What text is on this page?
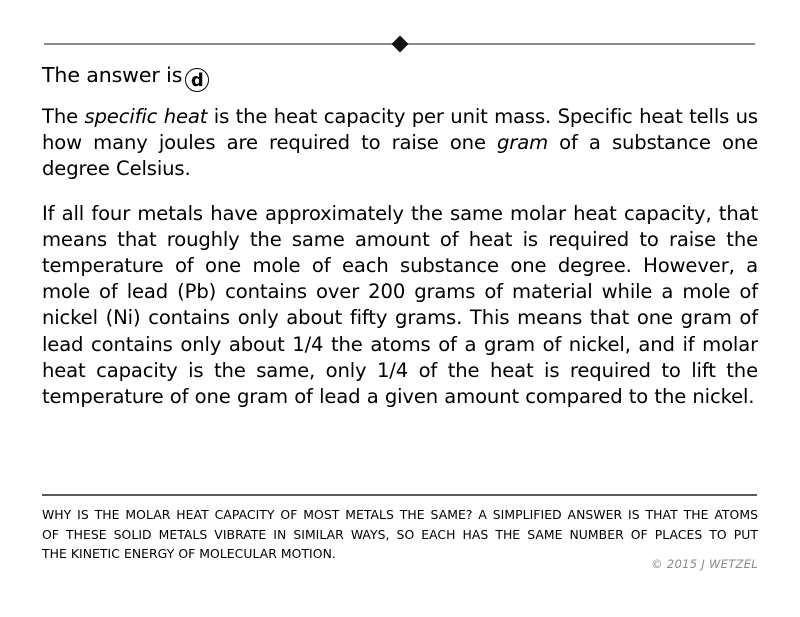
The answer is d

The specific heat is the heat capacity per unit mass. Specific heat tells us how many joules are required to raise one gram of a substance one degree Celsius.

If all four metals have approximately the same molar heat capacity, that means that roughly the same amount of heat is required to raise the temperature of one mole of each substance one degree. However, a mole of lead (Pb) contains over 200 grams of material while a mole of nickel (Ni) contains only about fifty grams. This means that one gram of lead contains only about 1/4 the atoms of a gram of nickel, and if molar heat capacity is the same, only 1/4 of the heat is required to lift the temperature of one gram of lead a given amount compared to the nickel.

WHY IS THE MOLAR HEAT CAPACITY OF MOST METALS THE SAME? A SIMPLIFIED ANSWER IS THAT THE ATOMS
OF THESE SOLID METALS VIBRATE IN SIMILAR WAYS, SO EACH HAS THE SAME NUMBER OF PLACES TO PUT
THE KINETIC ENERGY OF MOLECULAR MOTION.
© 2015 J WETZEL
